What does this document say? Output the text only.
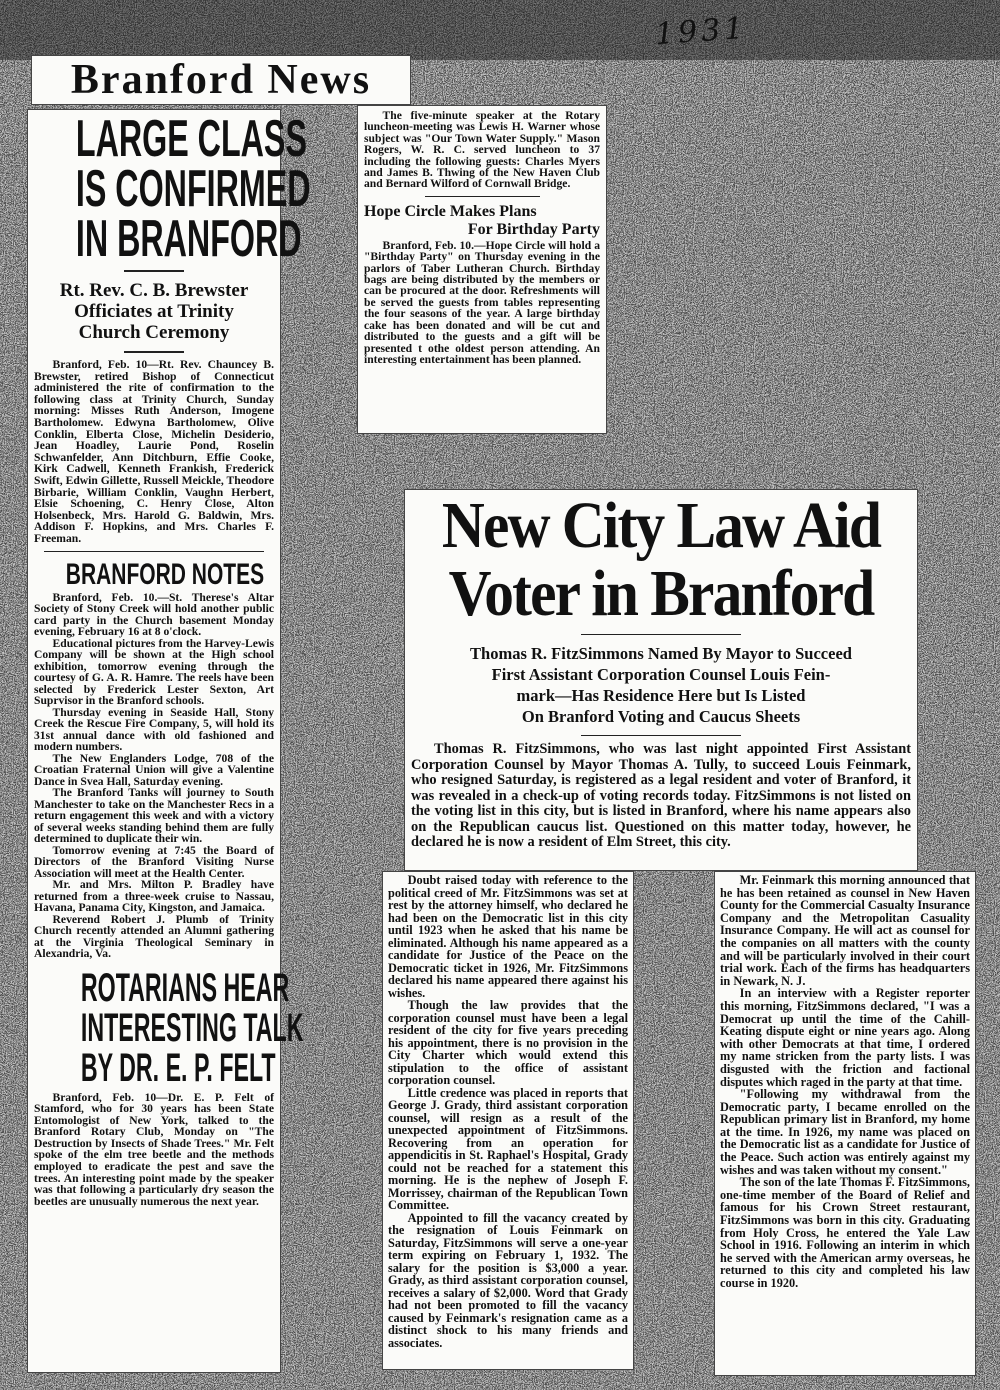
1931
Branford News
LARGE CLASS
IS CONFIRMED
IN BRANFORD
Rt. Rev. C. B. Brewster Officiates at Trinity Church Ceremony

Branford, Feb. 10—Rt. Rev. Chauncey B. Brewster, retired Bishop of Connecticut administered the rite of confirmation to the following class at Trinity Church, Sunday morning: Misses Ruth Anderson, Imogene Bartholomew. Edwyna Bartholomew, Olive Conklin, Elberta Close, Michelin Desiderio, Jean Hoadley, Laurie Pond, Roselin Schwanfelder, Ann Ditchburn, Effie Cooke, Kirk Cadwell, Kenneth Frankish, Frederick Swift, Edwin Gillette, Russell Meickle, Theodore Birbarie, William Conklin, Vaughn Herbert, Elsie Schoening, C. Henry Close, Alton Holsenbeck, Mrs. Harold G. Baldwin, Mrs. Addison F. Hopkins, and Mrs. Charles F. Freeman.

BRANFORD NOTES

Branford, Feb. 10.—St. Therese's Altar Society of Stony Creek will hold another public card party in the Church basement Monday evening, February 16 at 8 o'clock.

Educational pictures from the Harvey-Lewis Company will be shown at the High school exhibition, tomorrow evening through the courtesy of G. A. R. Hamre. The reels have been selected by Frederick Lester Sexton, Art Suprvisor in the Branford schools.

Thursday evening in Seaside Hall, Stony Creek the Rescue Fire Company, 5, will hold its 31st annual dance with old fashioned and modern numbers.

The New Englanders Lodge, 708 of the Croatian Fraternal Union will give a Valentine Dance in Svea Hall, Saturday evening.

The Branford Tanks will journey to South Manchester to take on the Manchester Recs in a return engagement this week and with a victory of several weeks standing behind them are fully determined to duplicate their win.

Tomorrow evening at 7:45 the Board of Directors of the Branford Visiting Nurse Association will meet at the Health Center.

Mr. and Mrs. Milton P. Bradley have returned from a three-week cruise to Nassau, Havana, Panama City, Kingston, and Jamaica.

Reverend Robert J. Plumb of Trinity Church recently attended an Alumni gathering at the Virginia Theological Seminary in Alexandria, Va.

ROTARIANS HEAR
INTERESTING TALK
BY DR. E. P. FELT

Branford, Feb. 10—Dr. E. P. Felt of Stamford, who for 30 years has been State Entomologist of New York, talked to the Branford Rotary Club, Monday on "The Destruction by Insects of Shade Trees." Mr. Felt spoke of the elm tree beetle and the methods employed to eradicate the pest and save the trees. An interesting point made by the speaker was that following a particularly dry season the beetles are unusually numerous the next year.

The five-minute speaker at the Rotary luncheon-meeting was Lewis H. Warner whose subject was "Our Town Water Supply." Mason Rogers, W. R. C. served luncheon to 37 including the following guests: Charles Myers and James B. Thwing of the New Haven Club and Bernard Wilford of Cornwall Bridge.

Hope Circle Makes Plans
For Birthday Party

Branford, Feb. 10.—Hope Circle will hold a "Birthday Party" on Thursday evening in the parlors of Taber Lutheran Church. Birthday bags are being distributed by the members or can be procured at the door. Refreshments will be served the guests from tables representing the four seasons of the year. A large birthday cake has been donated and will be cut and distributed to the guests and a gift will be presented t othe oldest person attending. An interesting entertainment has been planned.

New City Law Aid
Voter in Branford
Thomas R. FitzSimmons Named By Mayor to Succeed
First Assistant Corporation Counsel Louis Fein-
mark—Has Residence Here but Is Listed
On Branford Voting and Caucus Sheets

Thomas R. FitzSimmons, who was last night appointed First Assistant Corporation Counsel by Mayor Thomas A. Tully, to succeed Louis Feinmark, who resigned Saturday, is registered as a legal resident and voter of Branford, it was revealed in a check-up of voting records today. FitzSimmons is not listed on the voting list in this city, but is listed in Branford, where his name appears also on the Republican caucus list. Questioned on this matter today, however, he declared he is now a resident of Elm Street, this city.

Doubt raised today with reference to the political creed of Mr. FitzSimmons was set at rest by the attorney himself, who declared he had been on the Democratic list in this city until 1923 when he asked that his name be eliminated. Although his name appeared as a candidate for Justice of the Peace on the Democratic ticket in 1926, Mr. FitzSimmons declared his name appeared there against his wishes.

Though the law provides that the corporation counsel must have been a legal resident of the city for five years preceding his appointment, there is no provision in the City Charter which would extend this stipulation to the office of assistant corporation counsel.

Little credence was placed in reports that George J. Grady, third assistant corporation counsel, will resign as a result of the unexpected appointment of FitzSimmons. Recovering from an operation for appendicitis in St. Raphael's Hospital, Grady could not be reached for a statement this morning. He is the nephew of Joseph F. Morrissey, chairman of the Republican Town Committee.

Appointed to fill the vacancy created by the resignation of Louis Feinmark on Saturday, FitzSimmons will serve a one-year term expiring on February 1, 1932. The salary for the position is $3,000 a year. Grady, as third assistant corporation counsel, receives a salary of $2,000. Word that Grady had not been promoted to fill the vacancy caused by Feinmark's resignation came as a distinct shock to his many friends and associates.

Mr. Feinmark this morning announced that he has been retained as counsel in New Haven County for the Commercial Casualty Insurance Company and the Metropolitan Casuality Insurance Company. He will act as counsel for the companies on all matters with the county and will be particularly involved in their court trial work. Each of the firms has headquarters in Newark, N. J.

In an interview with a Register reporter this morning, FitzSimmons declared, "I was a Democrat up until the time of the Cahill-Keating dispute eight or nine years ago. Along with other Democrats at that time, I ordered my name stricken from the party lists. I was disgusted with the friction and factional disputes which raged in the party at that time.

"Following my withdrawal from the Democratic party, I became enrolled on the Republican primary list in Branford, my home at the time. In 1926, my name was placed on the Democratic list as a candidate for Justice of the Peace. Such action was entirely against my wishes and was taken without my consent."

The son of the late Thomas F. FitzSimmons, one-time member of the Board of Relief and famous for his Crown Street restaurant, FitzSimmons was born in this city. Graduating from Holy Cross, he entered the Yale Law School in 1916. Following an interim in which he served with the American army overseas, he returned to this city and completed his law course in 1920.
